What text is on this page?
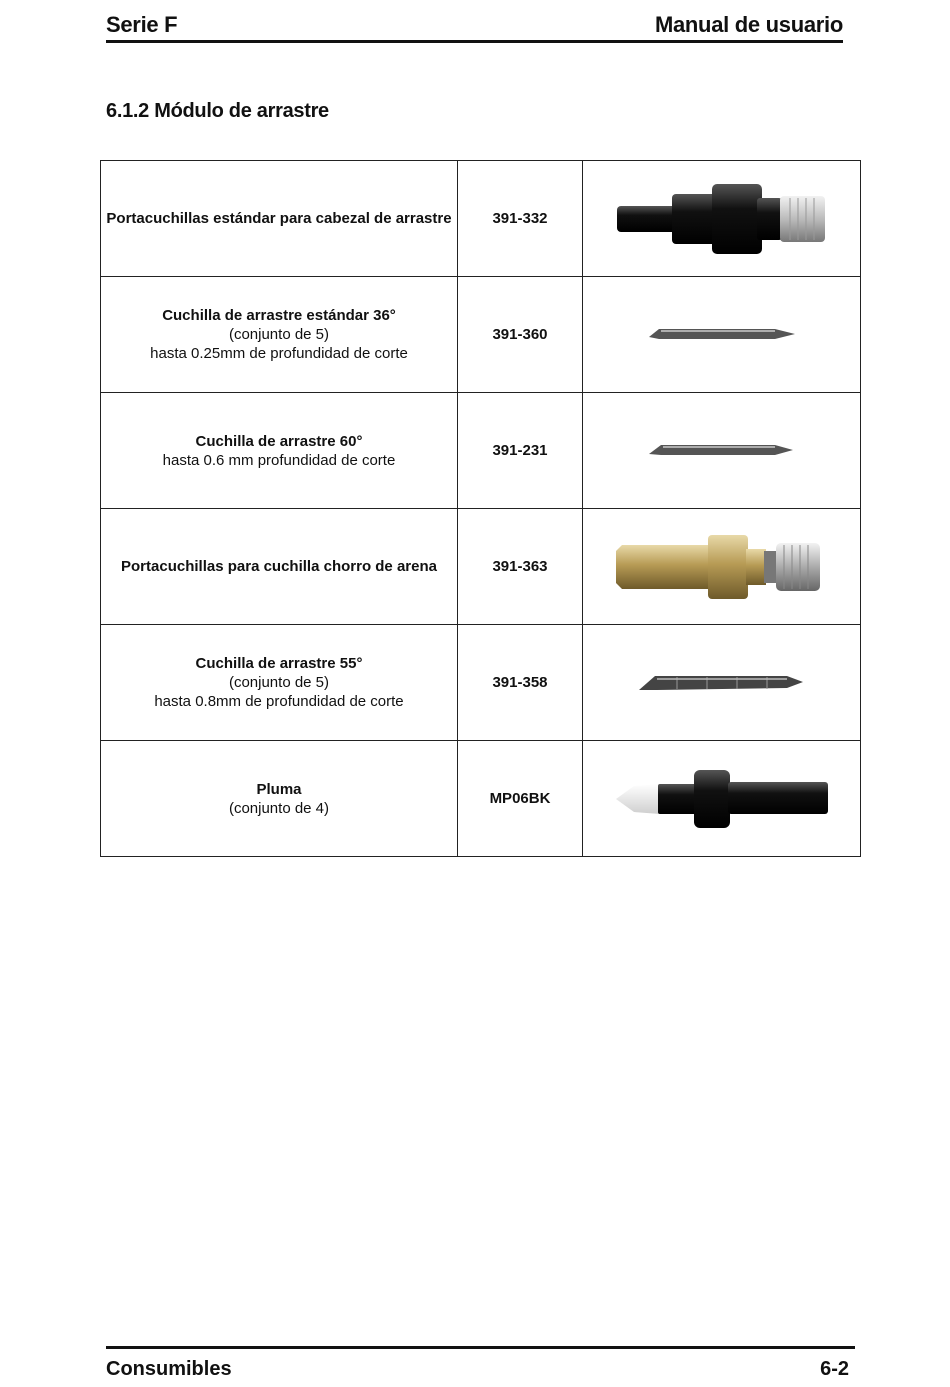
Serie F	Manual de usuario
6.1.2 Módulo de arrastre
Portacuchillas estándar para cabezal de arrastre	391-332	

Cuchilla de arrastre estándar 36°
(conjunto de 5)
hasta 0.25mm de profundidad de corte	391-360	

Cuchilla de arrastre 60°
hasta 0.6 mm profundidad de corte	391-231	

Portacuchillas para cuchilla chorro de arena	391-363	

Cuchilla de arrastre 55°
(conjunto de 5)
hasta 0.8mm de profundidad de corte	391-358	

Pluma
(conjunto de 4)	MP06BK	
Consumibles	6-2
